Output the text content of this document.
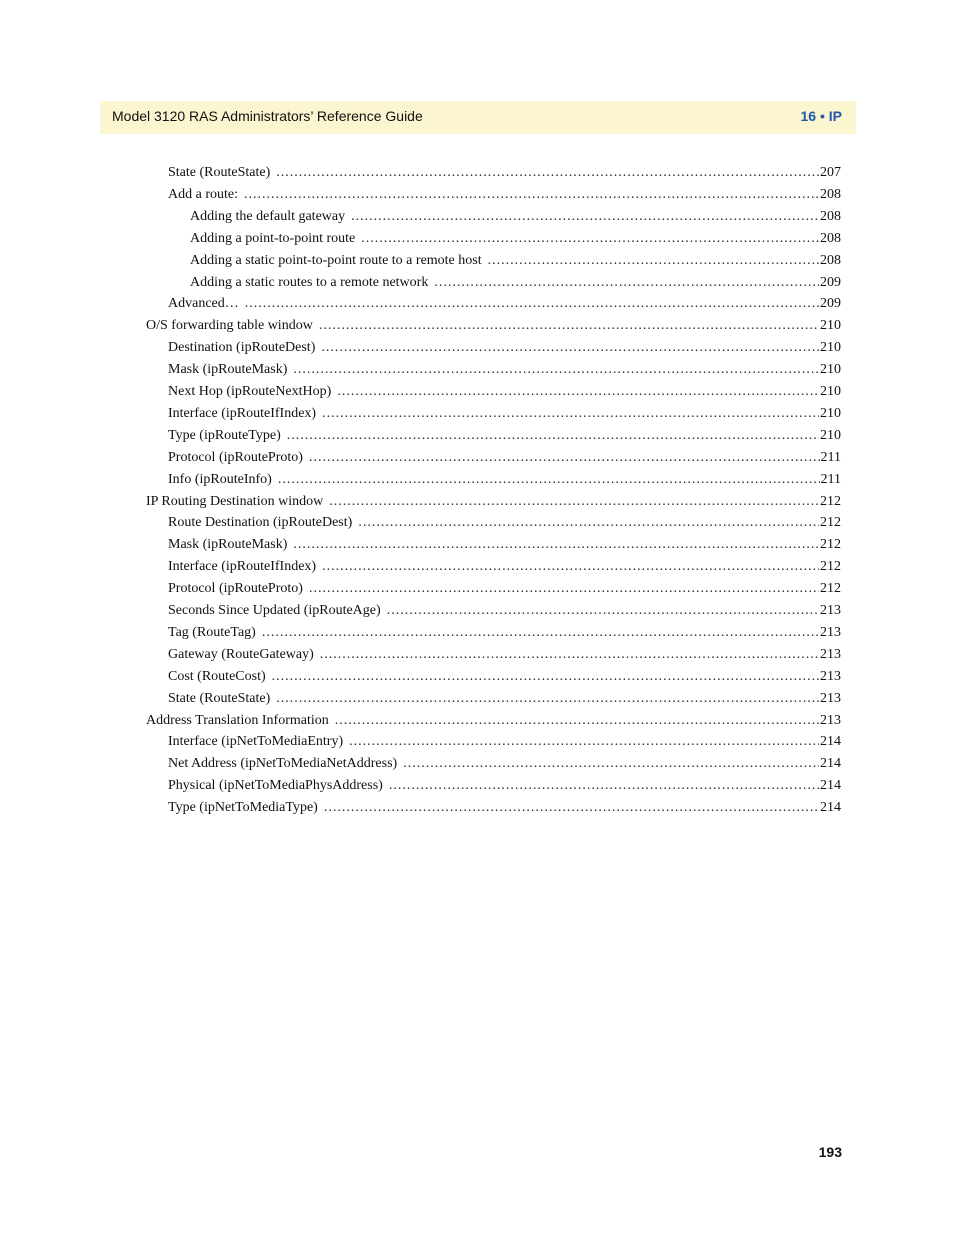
Model 3120 RAS Administrators’ Reference Guide	16 • IP
State (RouteState) .....	207
Add a route: .....	208
Adding the default gateway .....	208
Adding a point-to-point route .....	208
Adding a static point-to-point route to a remote host .....	208
Adding a static routes to a remote network .....	209
Advanced… .....	209
O/S forwarding table window .....	210
Destination (ipRouteDest) .....	210
Mask (ipRouteMask) .....	210
Next Hop (ipRouteNextHop) .....	210
Interface (ipRouteIfIndex) .....	210
Type (ipRouteType) .....	210
Protocol (ipRouteProto) .....	211
Info (ipRouteInfo) .....	211
IP Routing Destination window .....	212
Route Destination (ipRouteDest) .....	212
Mask (ipRouteMask) .....	212
Interface (ipRouteIfIndex) .....	212
Protocol (ipRouteProto) .....	212
Seconds Since Updated (ipRouteAge) .....	213
Tag (RouteTag) .....	213
Gateway (RouteGateway) .....	213
Cost (RouteCost) .....	213
State (RouteState) .....	213
Address Translation Information .....	213
Interface (ipNetToMediaEntry) .....	214
Net Address (ipNetToMediaNetAddress) .....	214
Physical (ipNetToMediaPhysAddress) .....	214
Type (ipNetToMediaType) .....	214
193
